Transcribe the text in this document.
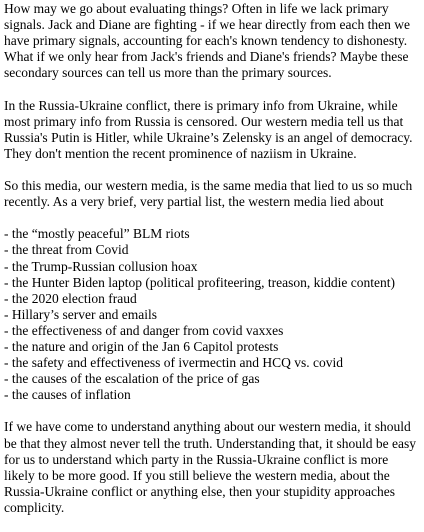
How may we go about evaluating things? Often in life we lack primary signals. Jack and Diane are fighting - if we hear directly from each then we have primary signals, accounting for each's known tendency to dishonesty. What if we only hear from Jack's friends and Diane's friends? Maybe these secondary sources can tell us more than the primary sources.

In the Russia-Ukraine conflict, there is primary info from Ukraine, while most primary info from Russia is censored. Our western media tell us that Russia's Putin is Hitler, while Ukraine’s Zelensky is an angel of democracy. They don't mention the recent prominence of naziism in Ukraine.

So this media, our western media, is the same media that lied to us so much recently. As a very brief, very partial list, the western media lied about

- the “mostly peaceful” BLM riots
- the threat from Covid
- the Trump-Russian collusion hoax
- the Hunter Biden laptop (political profiteering, treason, kiddie content)
- the 2020 election fraud
- Hillary’s server and emails
- the effectiveness of and danger from covid vaxxes
- the nature and origin of the Jan 6 Capitol protests
- the safety and effectiveness of ivermectin and HCQ vs. covid
- the causes of the escalation of the price of gas
- the causes of inflation

If we have come to understand anything about our western media, it should be that they almost never tell the truth. Understanding that, it should be easy for us to understand which party in the Russia-Ukraine conflict is more likely to be more good. If you still believe the western media, about the Russia-Ukraine conflict or anything else, then your stupidity approaches complicity.
